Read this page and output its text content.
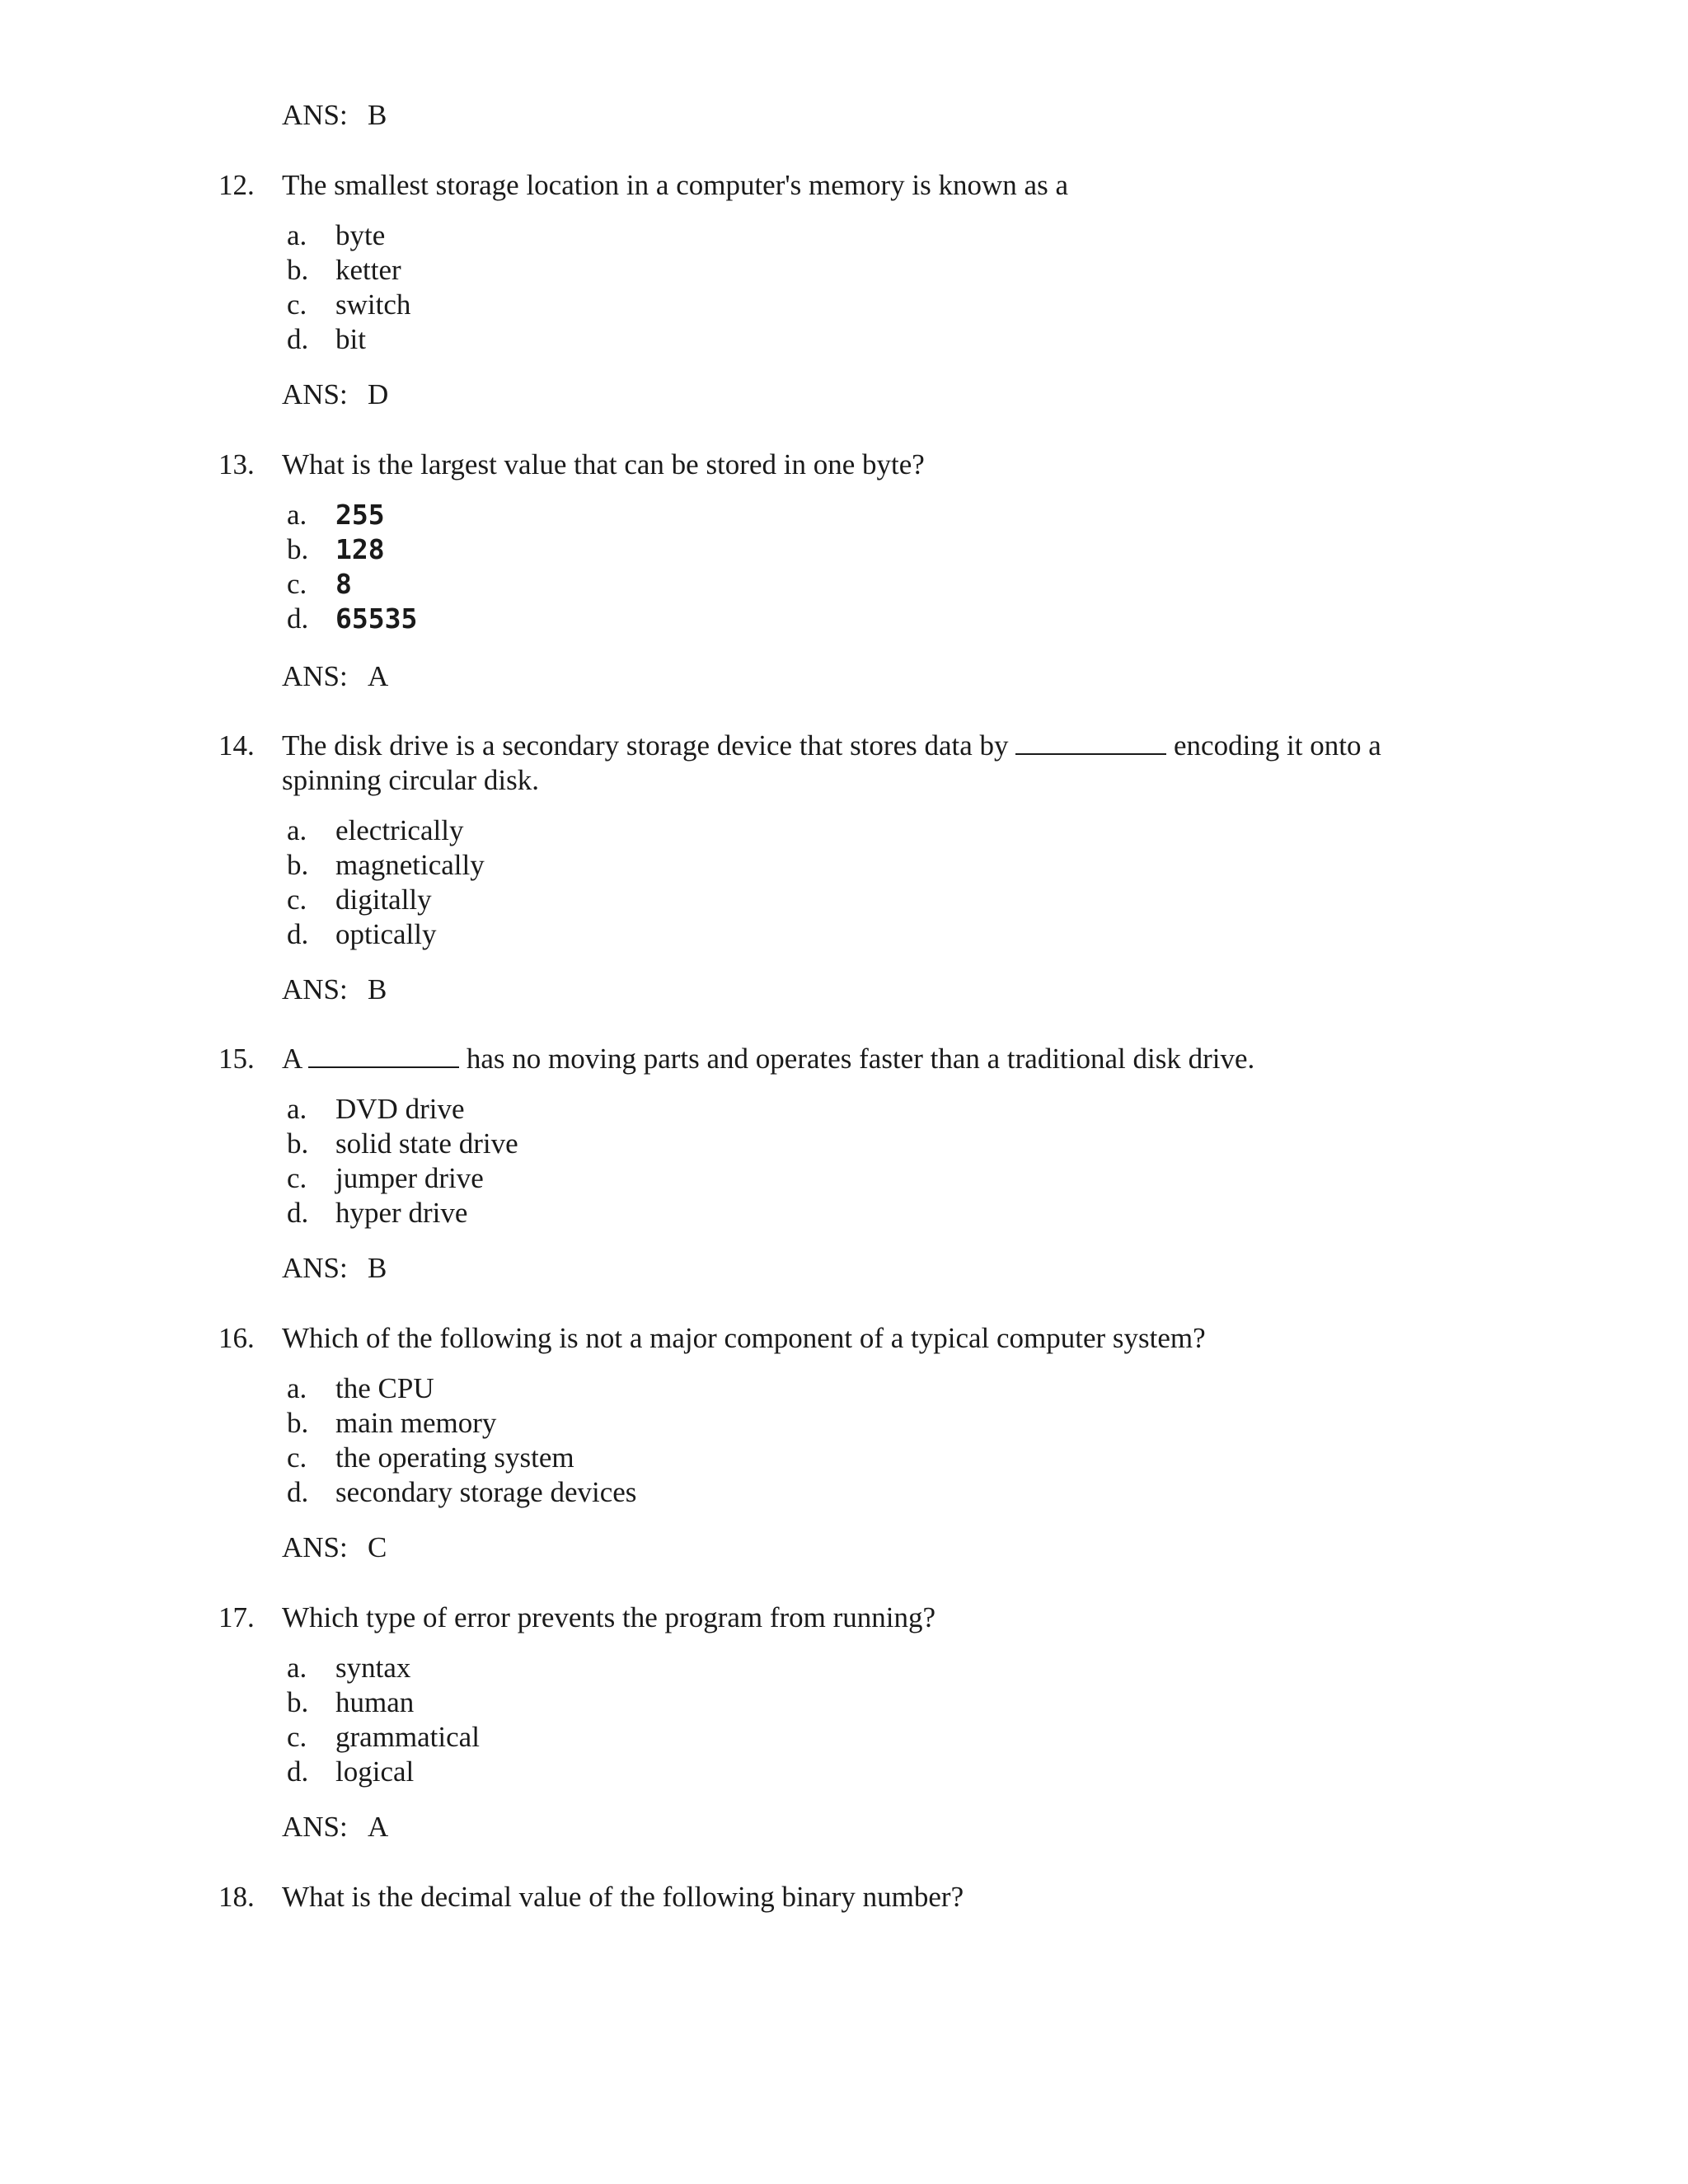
ANS: B
12. The smallest storage location in a computer's memory is known as a
a. byte
b. ketter
c. switch
d. bit
ANS: D
13. What is the largest value that can be stored in one byte?
a. 255
b. 128
c. 8
d. 65535
ANS: A
14. The disk drive is a secondary storage device that stores data by	encoding it onto a
spinning circular disk.
a. electrically
b. magnetically
c. digitally
d. optically
ANS: B
15. A	has no moving parts and operates faster than a traditional disk drive.
a. DVD drive
b. solid state drive
c. jumper drive
d. hyper drive
ANS: B
16. Which of the following is not a major component of a typical computer system?
a. the CPU
b. main memory
c. the operating system
d. secondary storage devices
ANS: C
17. Which type of error prevents the program from running?
a. syntax
b. human
c. grammatical
d. logical
ANS: A
18. What is the decimal value of the following binary number?
